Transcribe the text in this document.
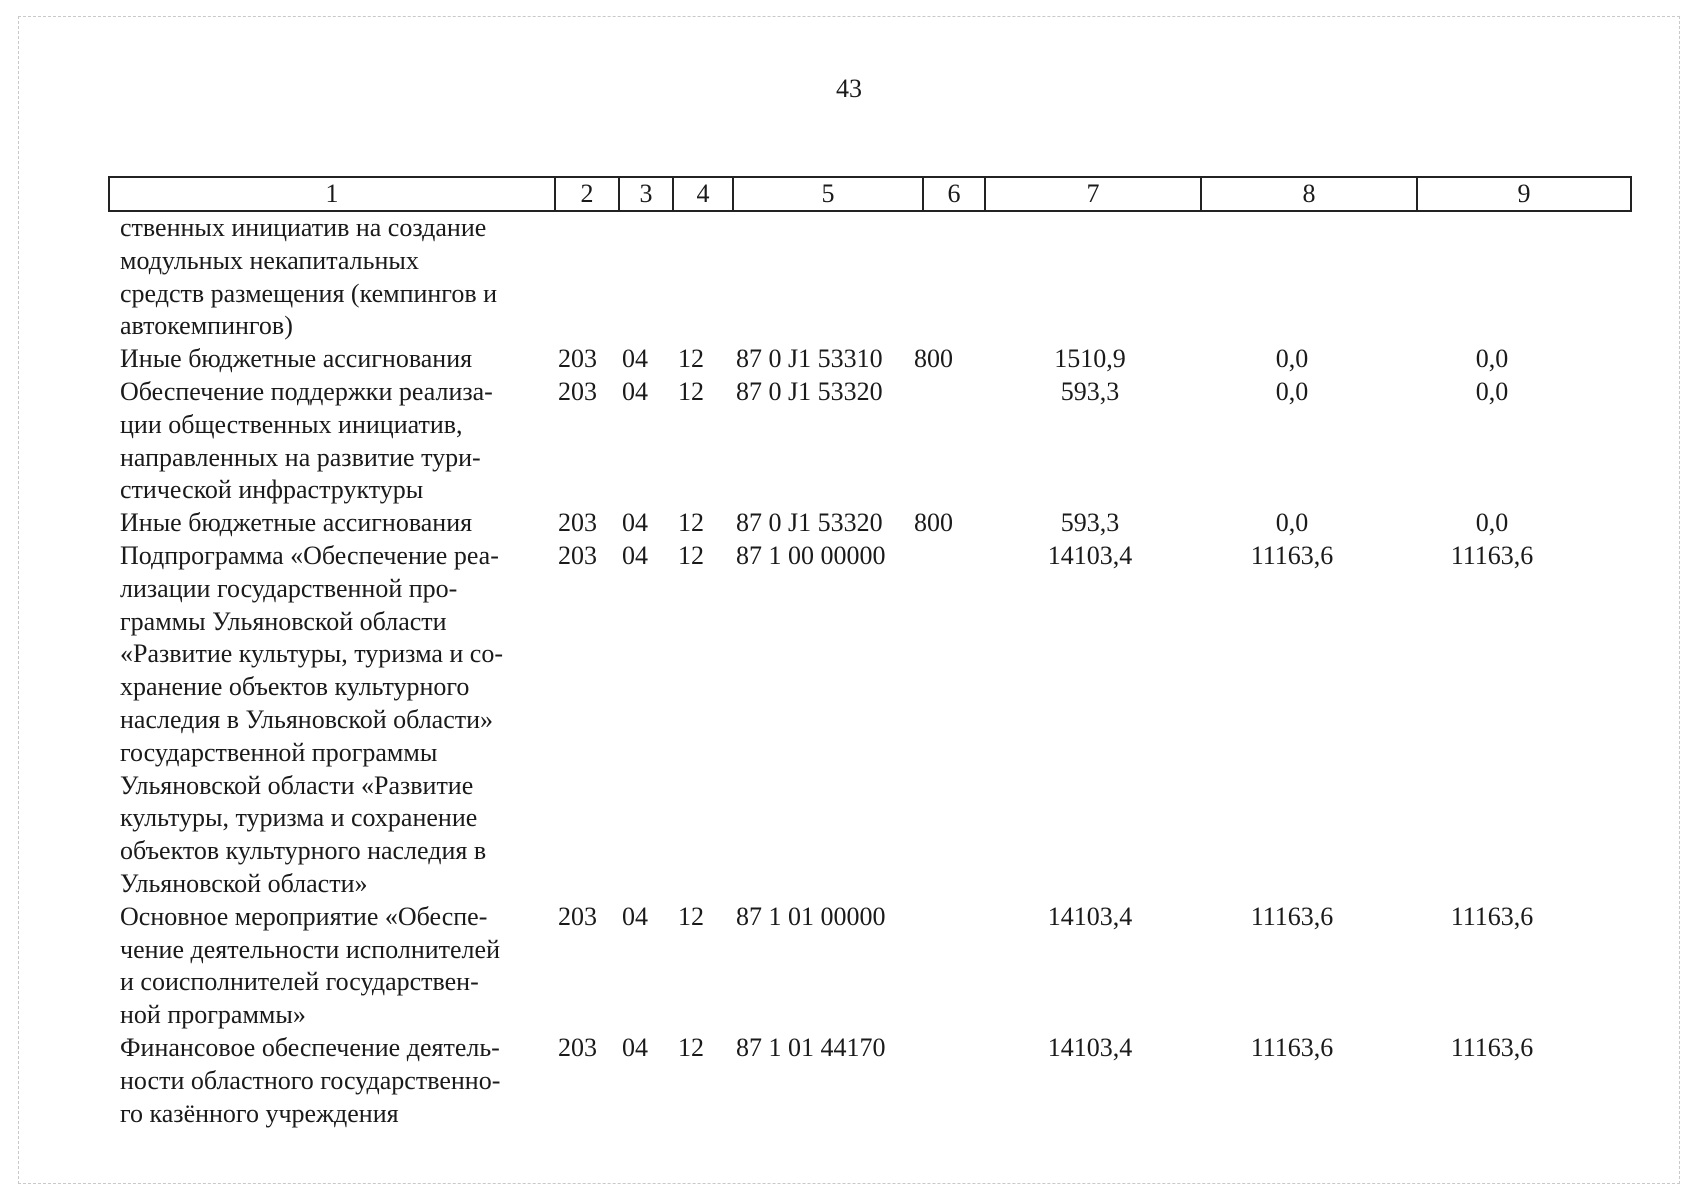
43
1	2	3	4	5	6	7	8	9
ственных инициатив на создание
модульных некапитальных
средств размещения (кемпингов и
автокемпингов)
Иные бюджетные ассигнования	203 04 12 87 0 J1 53310 800	1510,9	0,0	0,0
Обеспечение поддержки реализа-
ции общественных инициатив,
направленных на развитие тури-
стической инфраструктуры
203 04 12 87 0 J1 53320	593,3	0,0	0,0
Иные бюджетные ассигнования	203 04 12 87 0 J1 53320 800	593,3	0,0	0,0
Подпрограмма «Обеспечение реа-
лизации государственной про-
граммы Ульяновской области
«Развитие культуры, туризма и со-
хранение объектов культурного
наследия в Ульяновской области»
государственной программы
Ульяновской области «Развитие
культуры, туризма и сохранение
объектов культурного наследия в
Ульяновской области»
203 04 12 87 1 00 00000	14103,4	11163,6	11163,6
Основное мероприятие «Обеспе-
чение деятельности исполнителей
и соисполнителей государствен-
ной программы»
203 04 12 87 1 01 00000	14103,4	11163,6	11163,6
Финансовое обеспечение деятель-
ности областного государственно-
го казённого учреждения
203 04 12 87 1 01 44170	14103,4	11163,6	11163,6
